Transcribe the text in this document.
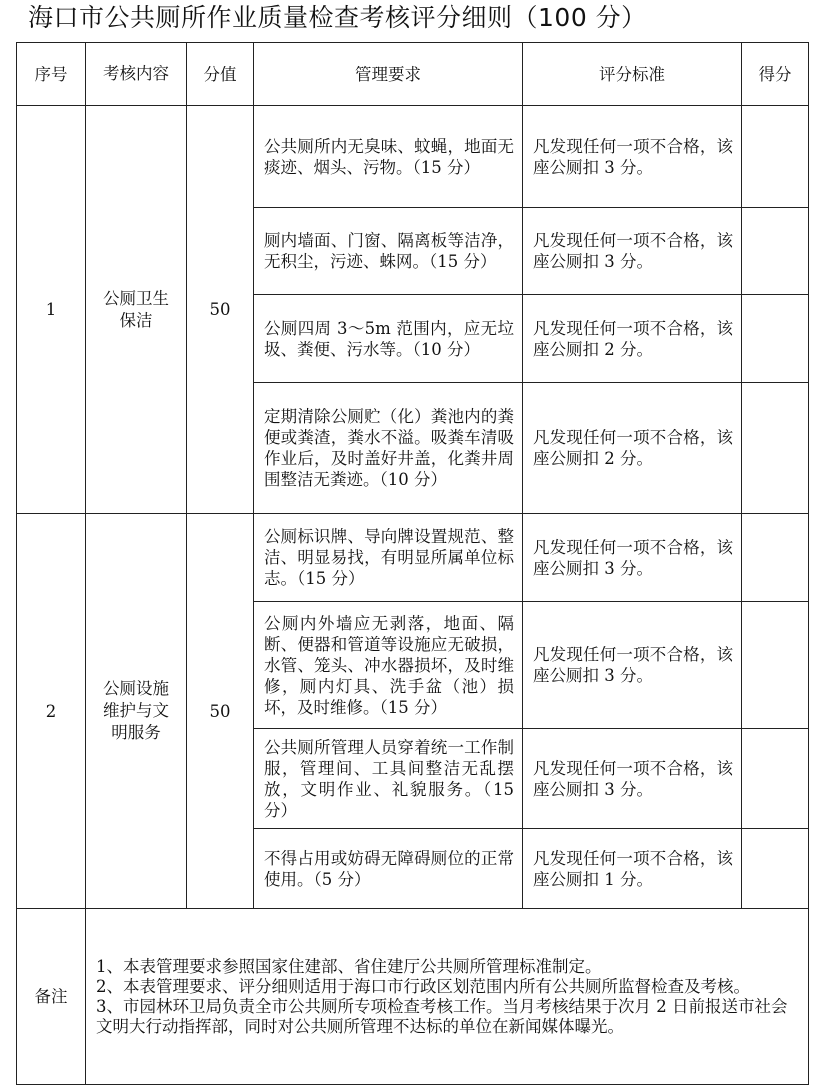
海口市公共厕所作业质量检查考核评分细则（100 分）
序号	考核内容	分值	管理要求	评分标准	得分
1	公厕卫生保洁	50	公共厕所内无臭味、蚊蝇，地面无痰迹、烟头、污物。（15 分）	凡发现任何一项不合格，该座公厕扣 3 分。	
			厕内墙面、门窗、隔离板等洁净，无积尘，污迹、蛛网。（15 分）	凡发现任何一项不合格，该座公厕扣 3 分。	
			公厕四周 3～5m 范围内，应无垃圾、粪便、污水等。（10 分）	凡发现任何一项不合格，该座公厕扣 2 分。	
			定期清除公厕贮（化）粪池内的粪便或粪渣，粪水不溢。吸粪车清吸作业后，及时盖好井盖，化粪井周围整洁无粪迹。（10 分）	凡发现任何一项不合格，该座公厕扣 2 分。	
2	公厕设施维护与文明服务	50	公厕标识牌、导向牌设置规范、整洁、明显易找，有明显所属单位标志。（15 分）	凡发现任何一项不合格，该座公厕扣 3 分。	
			公厕内外墙应无剥落，地面、隔断、便器和管道等设施应无破损，水管、笼头、冲水器损坏，及时维修，厕内灯具、洗手盆（池）损坏，及时维修。（15 分）	凡发现任何一项不合格，该座公厕扣 3 分。	
			公共厕所管理人员穿着统一工作制服，管理间、工具间整洁无乱摆放，文明作业、礼貌服务。（15 分）	凡发现任何一项不合格，该座公厕扣 3 分。	
			不得占用或妨碍无障碍厕位的正常使用。（5 分）	凡发现任何一项不合格，该座公厕扣 1 分。	
备注	1、本表管理要求参照国家住建部、省住建厅公共厕所管理标准制定。

2、本表管理要求、评分细则适用于海口市行政区划范围内所有公共厕所监督检查及考核。

3、市园林环卫局负责全市公共厕所专项检查考核工作。当月考核结果于次月 2 日前报送市社会文明大行动指挥部，同时对公共厕所管理不达标的单位在新闻媒体曝光。				
